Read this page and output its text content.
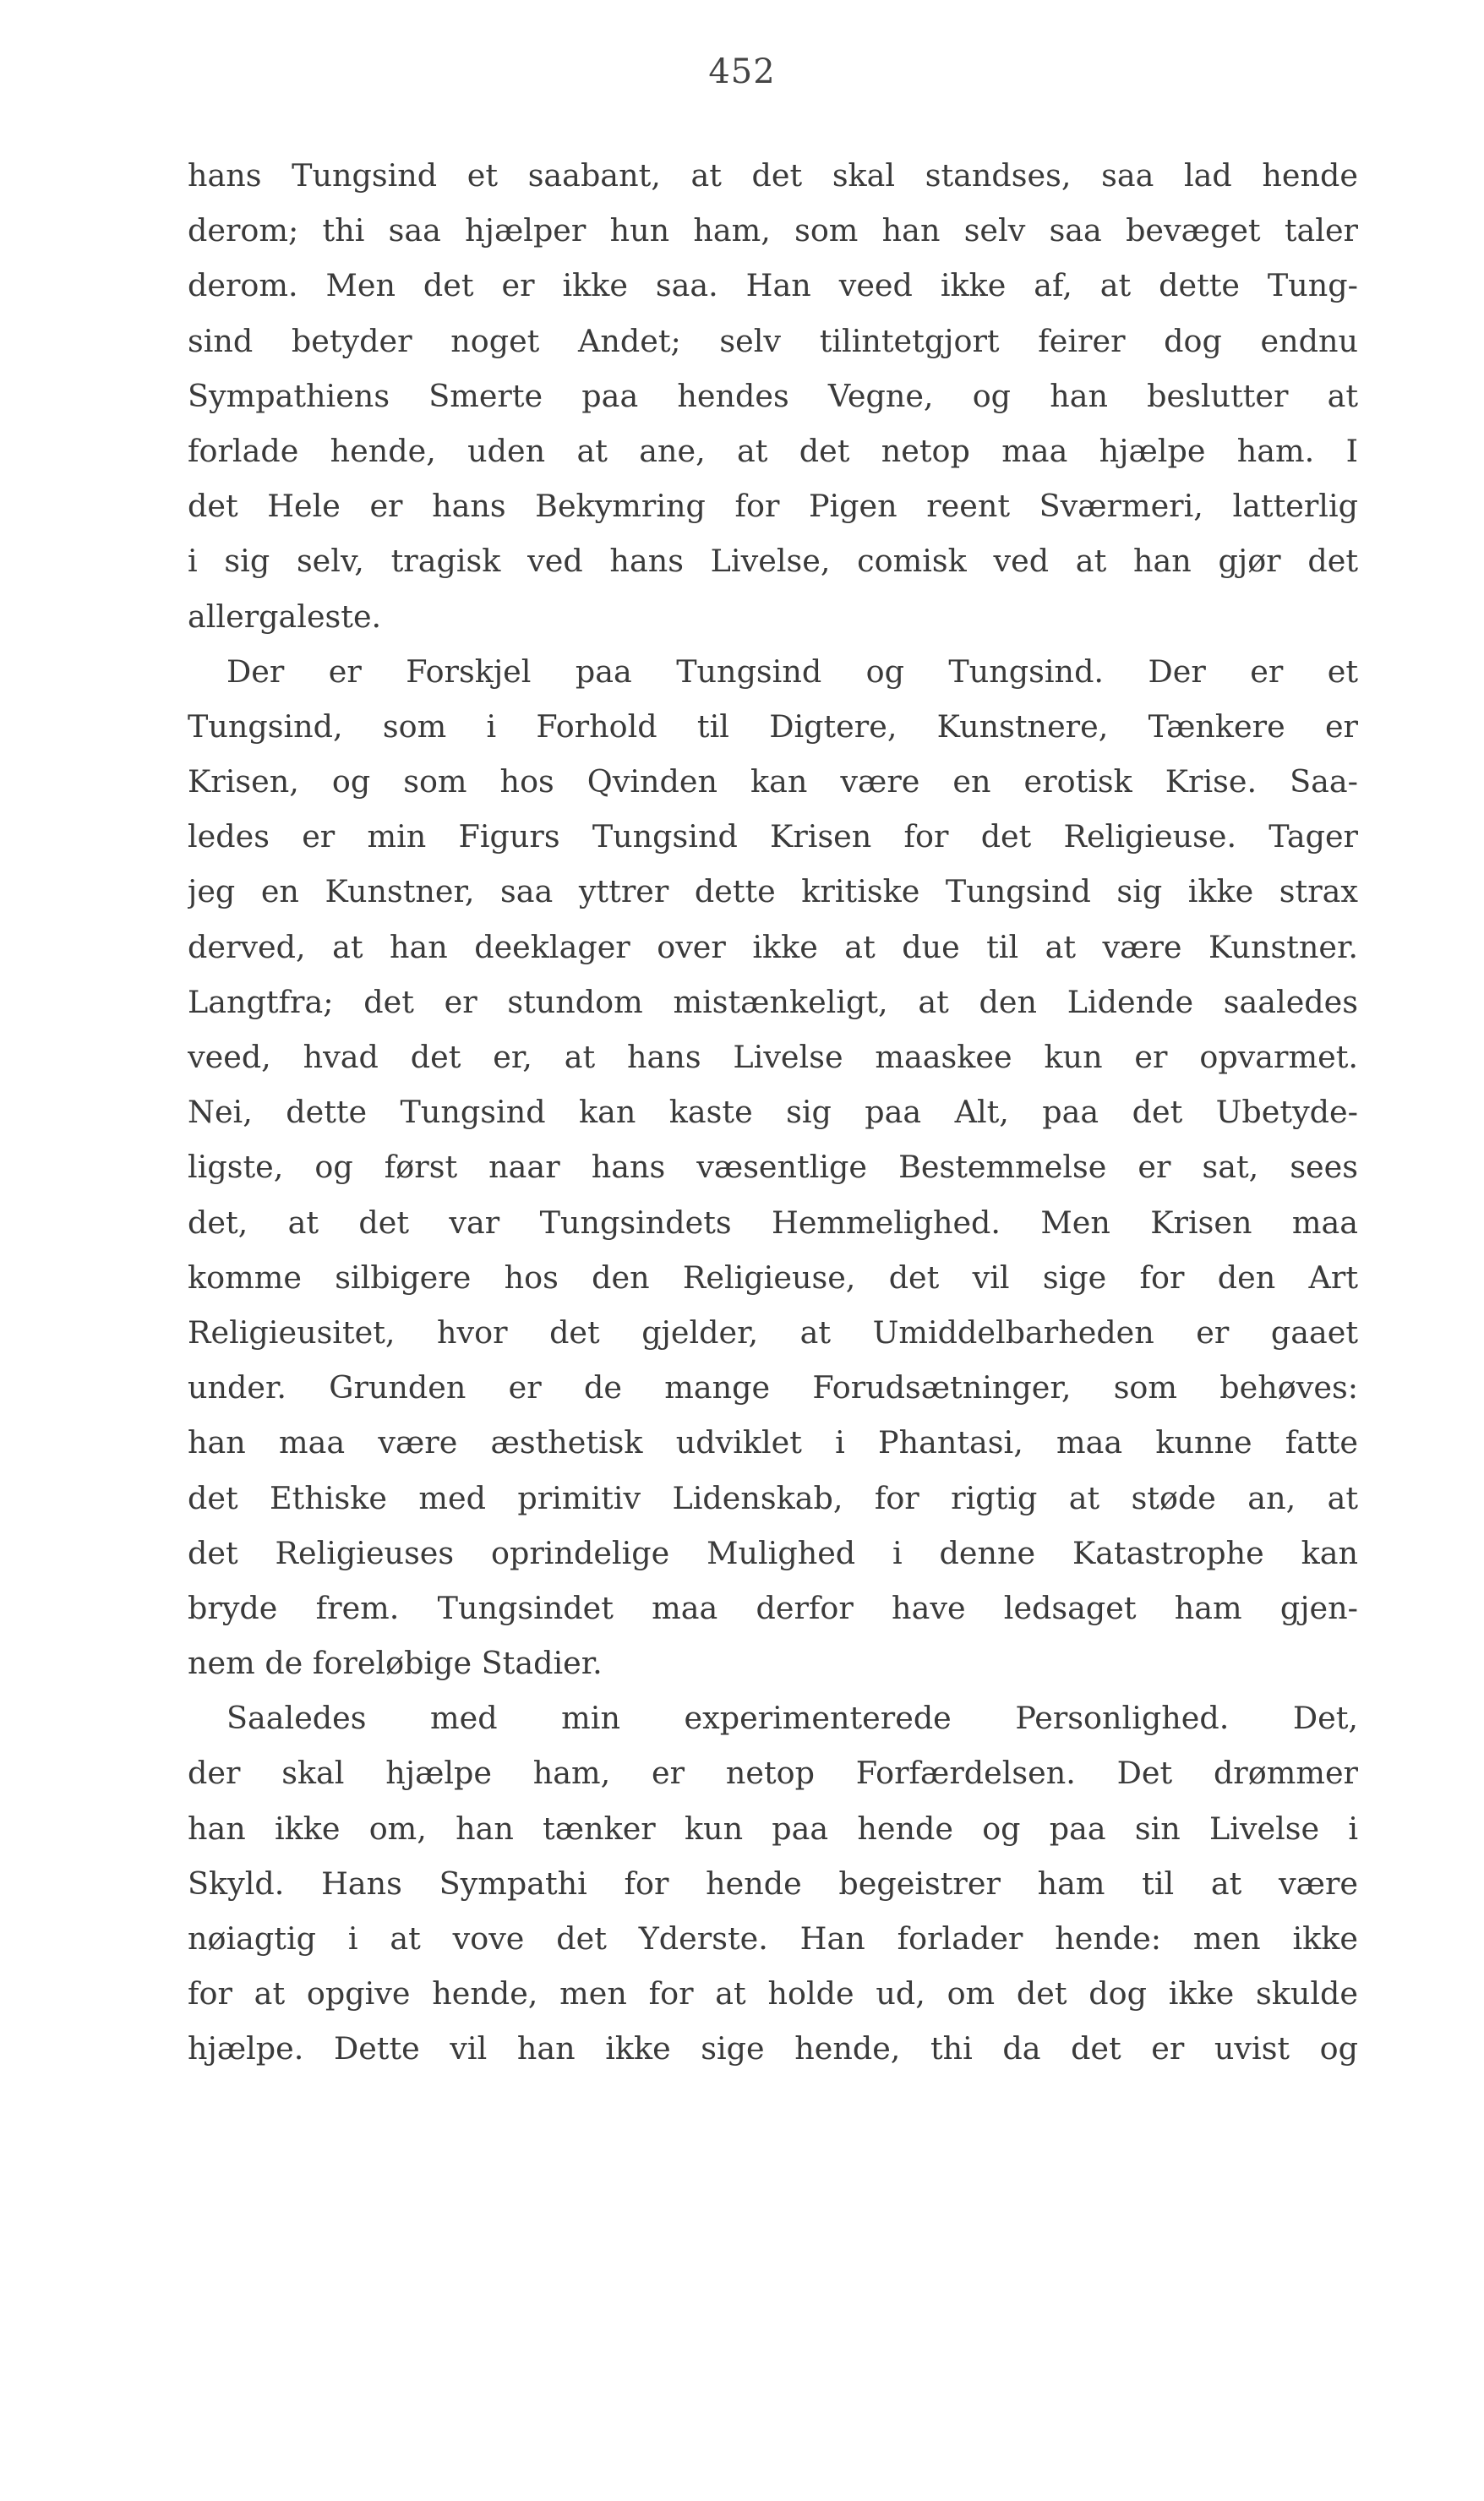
452
hans Tungsind et saabant, at det skal standses, saa lad hende
derom; thi saa hjælper hun ham, som han selv saa bevæget taler
derom. Men det er ikke saa. Han veed ikke af, at dette Tung-
sind betyder noget Andet; selv tilintetgjort feirer dog endnu
Sympathiens Smerte paa hendes Vegne, og han beslutter at
forlade hende, uden at ane, at det netop maa hjælpe ham. I
det Hele er hans Bekymring for Pigen reent Sværmeri, latterlig
i sig selv, tragisk ved hans Livelse, comisk ved at han gjør det
allergaleste.
Der er Forskjel paa Tungsind og Tungsind. Der er et
Tungsind, som i Forhold til Digtere, Kunstnere, Tænkere er
Krisen, og som hos Qvinden kan være en erotisk Krise. Saa-
ledes er min Figurs Tungsind Krisen for det Religieuse. Tager
jeg en Kunstner, saa yttrer dette kritiske Tungsind sig ikke strax
derved, at han deeklager over ikke at due til at være Kunstner.
Langtfra; det er stundom mistænkeligt, at den Lidende saaledes
veed, hvad det er, at hans Livelse maaskee kun er opvarmet.
Nei, dette Tungsind kan kaste sig paa Alt, paa det Ubetyde-
ligste, og først naar hans væsentlige Bestemmelse er sat, sees
det, at det var Tungsindets Hemmelighed. Men Krisen maa
komme silbigere hos den Religieuse, det vil sige for den Art
Religieusitet, hvor det gjelder, at Umiddelbarheden er gaaet
under. Grunden er de mange Forudsætninger, som behøves:
han maa være æsthetisk udviklet i Phantasi, maa kunne fatte
det Ethiske med primitiv Lidenskab, for rigtig at støde an, at
det Religieuses oprindelige Mulighed i denne Katastrophe kan
bryde frem. Tungsindet maa derfor have ledsaget ham gjen-
nem de foreløbige Stadier.
Saaledes med min experimenterede Personlighed. Det,
der skal hjælpe ham, er netop Forfærdelsen. Det drømmer
han ikke om, han tænker kun paa hende og paa sin Livelse i
Skyld. Hans Sympathi for hende begeistrer ham til at være
nøiagtig i at vove det Yderste. Han forlader hende: men ikke
for at opgive hende, men for at holde ud, om det dog ikke skulde
hjælpe. Dette vil han ikke sige hende, thi da det er uvist og
